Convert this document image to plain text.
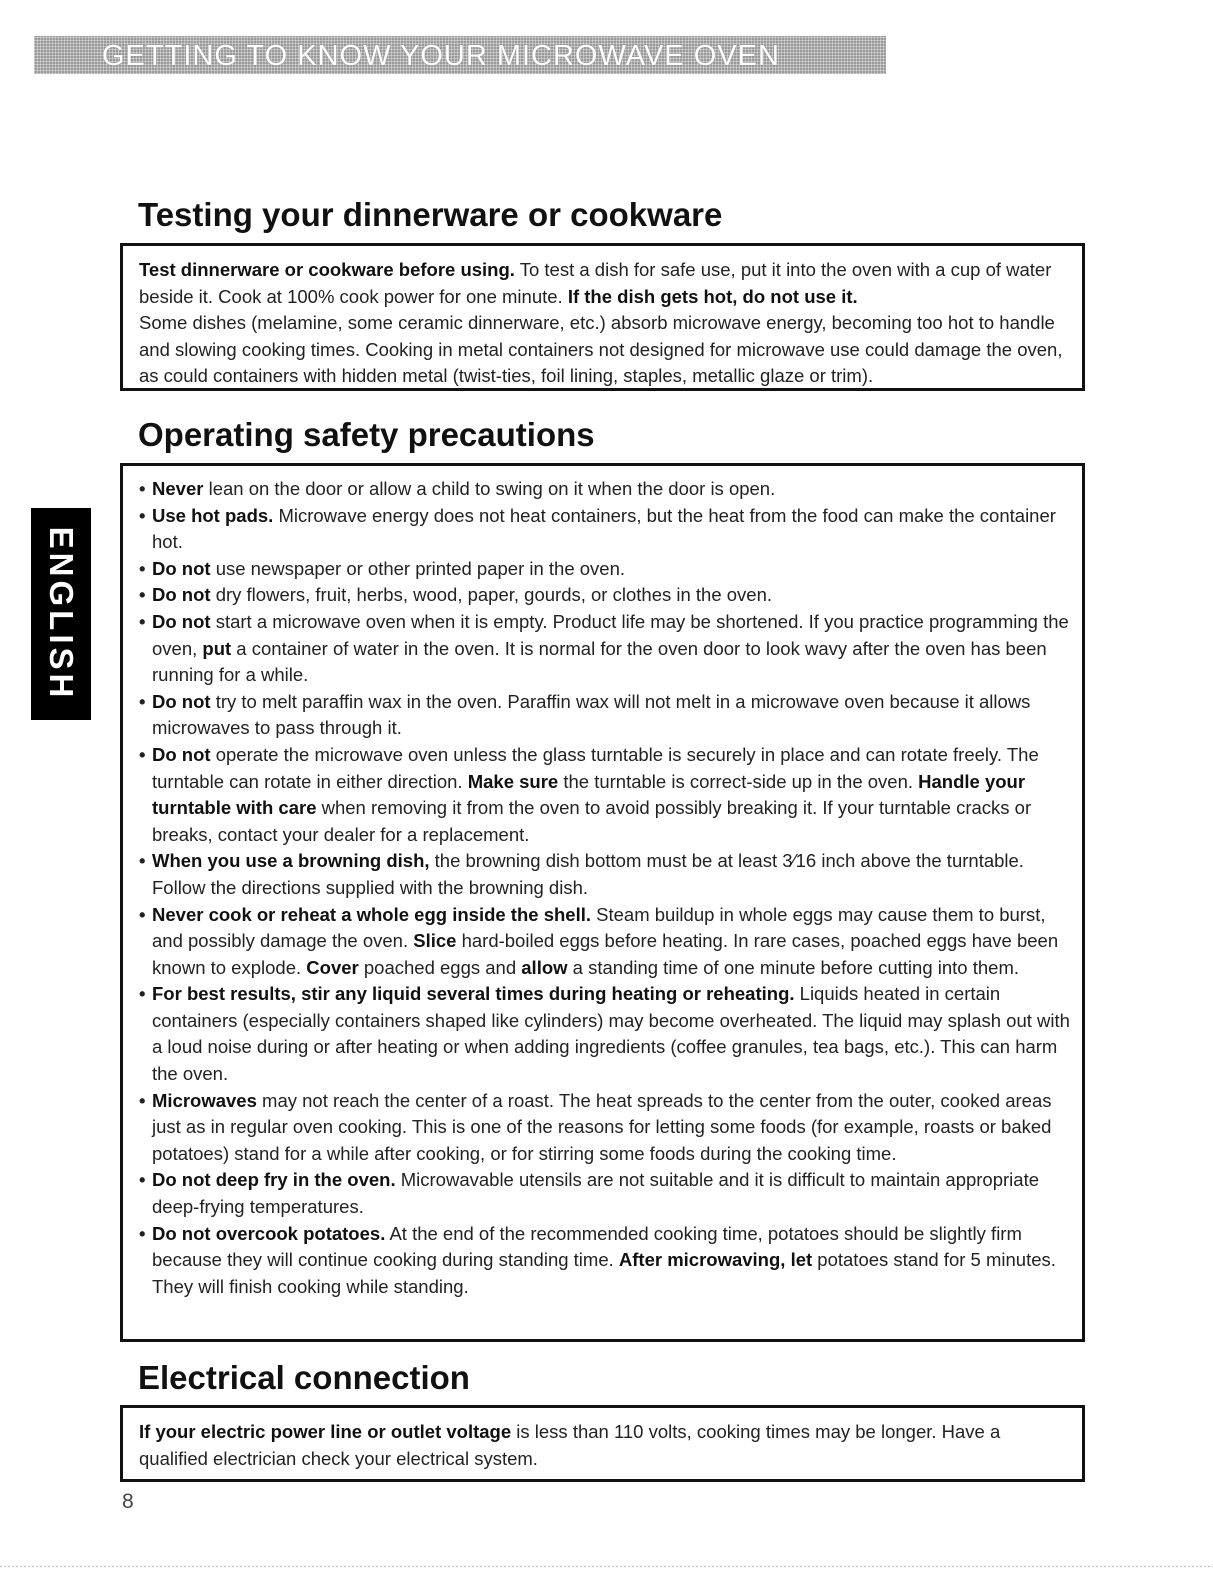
GETTING TO KNOW YOUR MICROWAVE OVEN
ENGLISH
Testing your dinnerware or cookware

Test dinnerware or cookware before using. To test a dish for safe use, put it into the oven with a cup of water beside it. Cook at 100% cook power for one minute. If the dish gets hot, do not use it.

Some dishes (melamine, some ceramic dinnerware, etc.) absorb microwave energy, becoming too hot to handle and slowing cooking times. Cooking in metal containers not designed for microwave use could damage the oven, as could containers with hidden metal (twist-ties, foil lining, staples, metallic glaze or trim).

Operating safety precautions
• Never lean on the door or allow a child to swing on it when the door is open.
• Use hot pads. Microwave energy does not heat containers, but the heat from the food can make the container hot.
• Do not use newspaper or other printed paper in the oven.
• Do not dry flowers, fruit, herbs, wood, paper, gourds, or clothes in the oven.
• Do not start a microwave oven when it is empty. Product life may be shortened. If you practice programming the oven, put a container of water in the oven. It is normal for the oven door to look wavy after the oven has been running for a while.
• Do not try to melt paraffin wax in the oven. Paraffin wax will not melt in a microwave oven because it allows microwaves to pass through it.
• Do not operate the microwave oven unless the glass turntable is securely in place and can rotate freely. The turntable can rotate in either direction. Make sure the turntable is correct-side up in the oven. Handle your turntable with care when removing it from the oven to avoid possibly breaking it. If your turntable cracks or breaks, contact your dealer for a replacement.
• When you use a browning dish, the browning dish bottom must be at least 3⁄16 inch above the turntable. Follow the directions supplied with the browning dish.
• Never cook or reheat a whole egg inside the shell. Steam buildup in whole eggs may cause them to burst, and possibly damage the oven. Slice hard-boiled eggs before heating. In rare cases, poached eggs have been known to explode. Cover poached eggs and allow a standing time of one minute before cutting into them.
• For best results, stir any liquid several times during heating or reheating. Liquids heated in certain containers (especially containers shaped like cylinders) may become overheated. The liquid may splash out with a loud noise during or after heating or when adding ingredients (coffee granules, tea bags, etc.). This can harm the oven.
• Microwaves may not reach the center of a roast. The heat spreads to the center from the outer, cooked areas just as in regular oven cooking. This is one of the reasons for letting some foods (for example, roasts or baked potatoes) stand for a while after cooking, or for stirring some foods during the cooking time.
• Do not deep fry in the oven. Microwavable utensils are not suitable and it is difficult to maintain appropriate deep-frying temperatures.
• Do not overcook potatoes. At the end of the recommended cooking time, potatoes should be slightly firm because they will continue cooking during standing time. After microwaving, let potatoes stand for 5 minutes. They will finish cooking while standing.
Electrical connection

If your electric power line or outlet voltage is less than 110 volts, cooking times may be longer. Have a qualified electrician check your electrical system.

8
